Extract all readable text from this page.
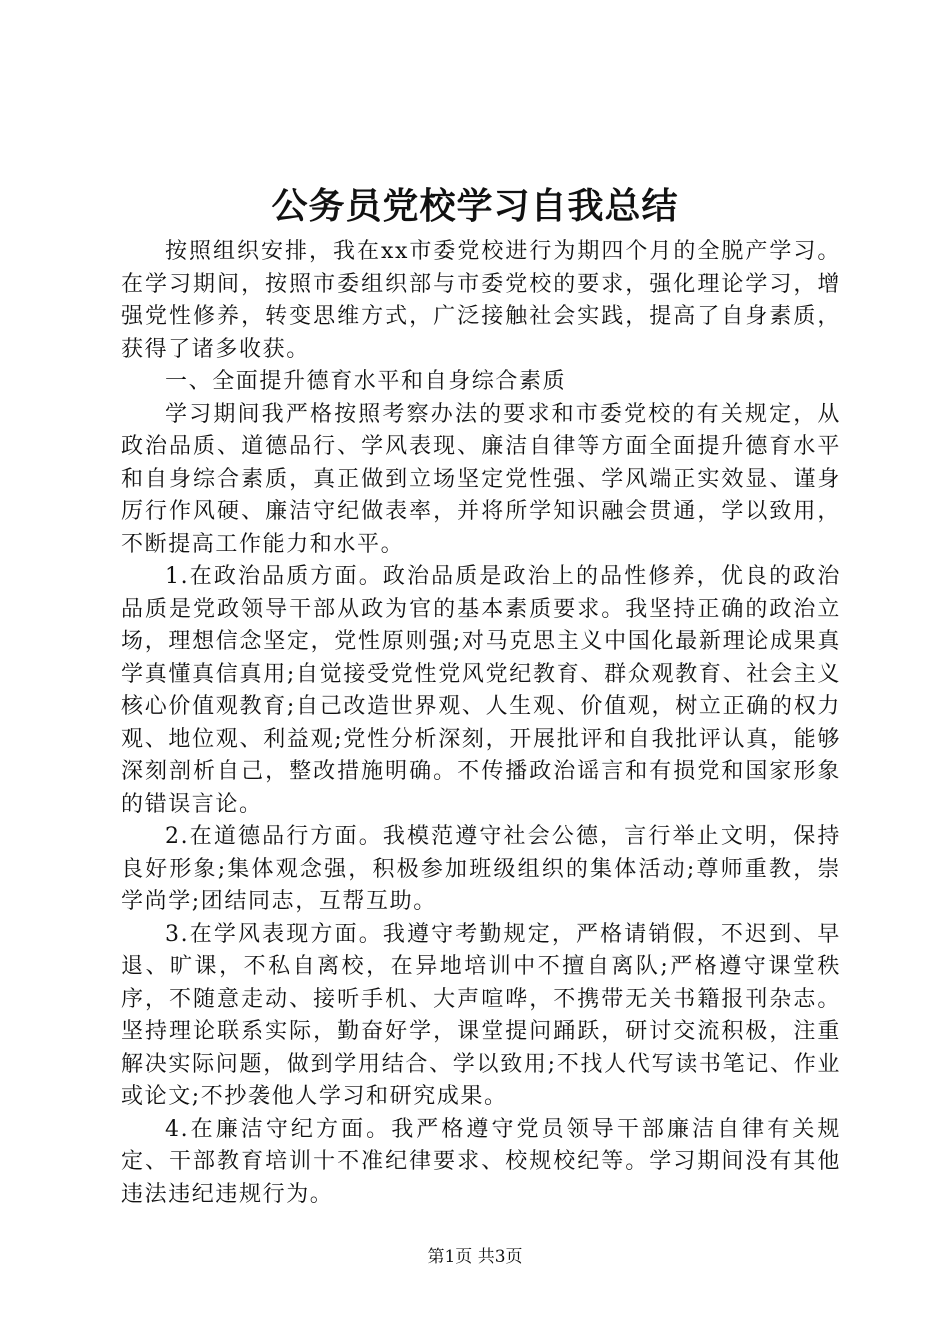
公务员党校学习自我总结

按照组织安排，我在xx市委党校进行为期四个月的全脱产学习。在学习期间，按照市委组织部与市委党校的要求，强化理论学习，增强党性修养，转变思维方式，广泛接触社会实践，提高了自身素质，获得了诸多收获。

一、全面提升德育水平和自身综合素质

学习期间我严格按照考察办法的要求和市委党校的有关规定，从政治品质、道德品行、学风表现、廉洁自律等方面全面提升德育水平和自身综合素质，真正做到立场坚定党性强、学风端正实效显、谨身厉行作风硬、廉洁守纪做表率，并将所学知识融会贯通，学以致用，不断提高工作能力和水平。

1.在政治品质方面。政治品质是政治上的品性修养，优良的政治品质是党政领导干部从政为官的基本素质要求。我坚持正确的政治立场，理想信念坚定，党性原则强;对马克思主义中国化最新理论成果真学真懂真信真用;自觉接受党性党风党纪教育、群众观教育、社会主义核心价值观教育;自己改造世界观、人生观、价值观，树立正确的权力观、地位观、利益观;党性分析深刻，开展批评和自我批评认真，能够深刻剖析自己，整改措施明确。不传播政治谣言和有损党和国家形象的错误言论。

2.在道德品行方面。我模范遵守社会公德，言行举止文明，保持良好形象;集体观念强，积极参加班级组织的集体活动;尊师重教，崇学尚学;团结同志，互帮互助。

3.在学风表现方面。我遵守考勤规定，严格请销假，不迟到、早退、旷课，不私自离校，在异地培训中不擅自离队;严格遵守课堂秩序，不随意走动、接听手机、大声喧哗，不携带无关书籍报刊杂志。坚持理论联系实际，勤奋好学，课堂提问踊跃，研讨交流积极，注重解决实际问题，做到学用结合、学以致用;不找人代写读书笔记、作业或论文;不抄袭他人学习和研究成果。

4.在廉洁守纪方面。我严格遵守党员领导干部廉洁自律有关规定、干部教育培训十不准纪律要求、校规校纪等。学习期间没有其他违法违纪违规行为。

第1页 共3页
